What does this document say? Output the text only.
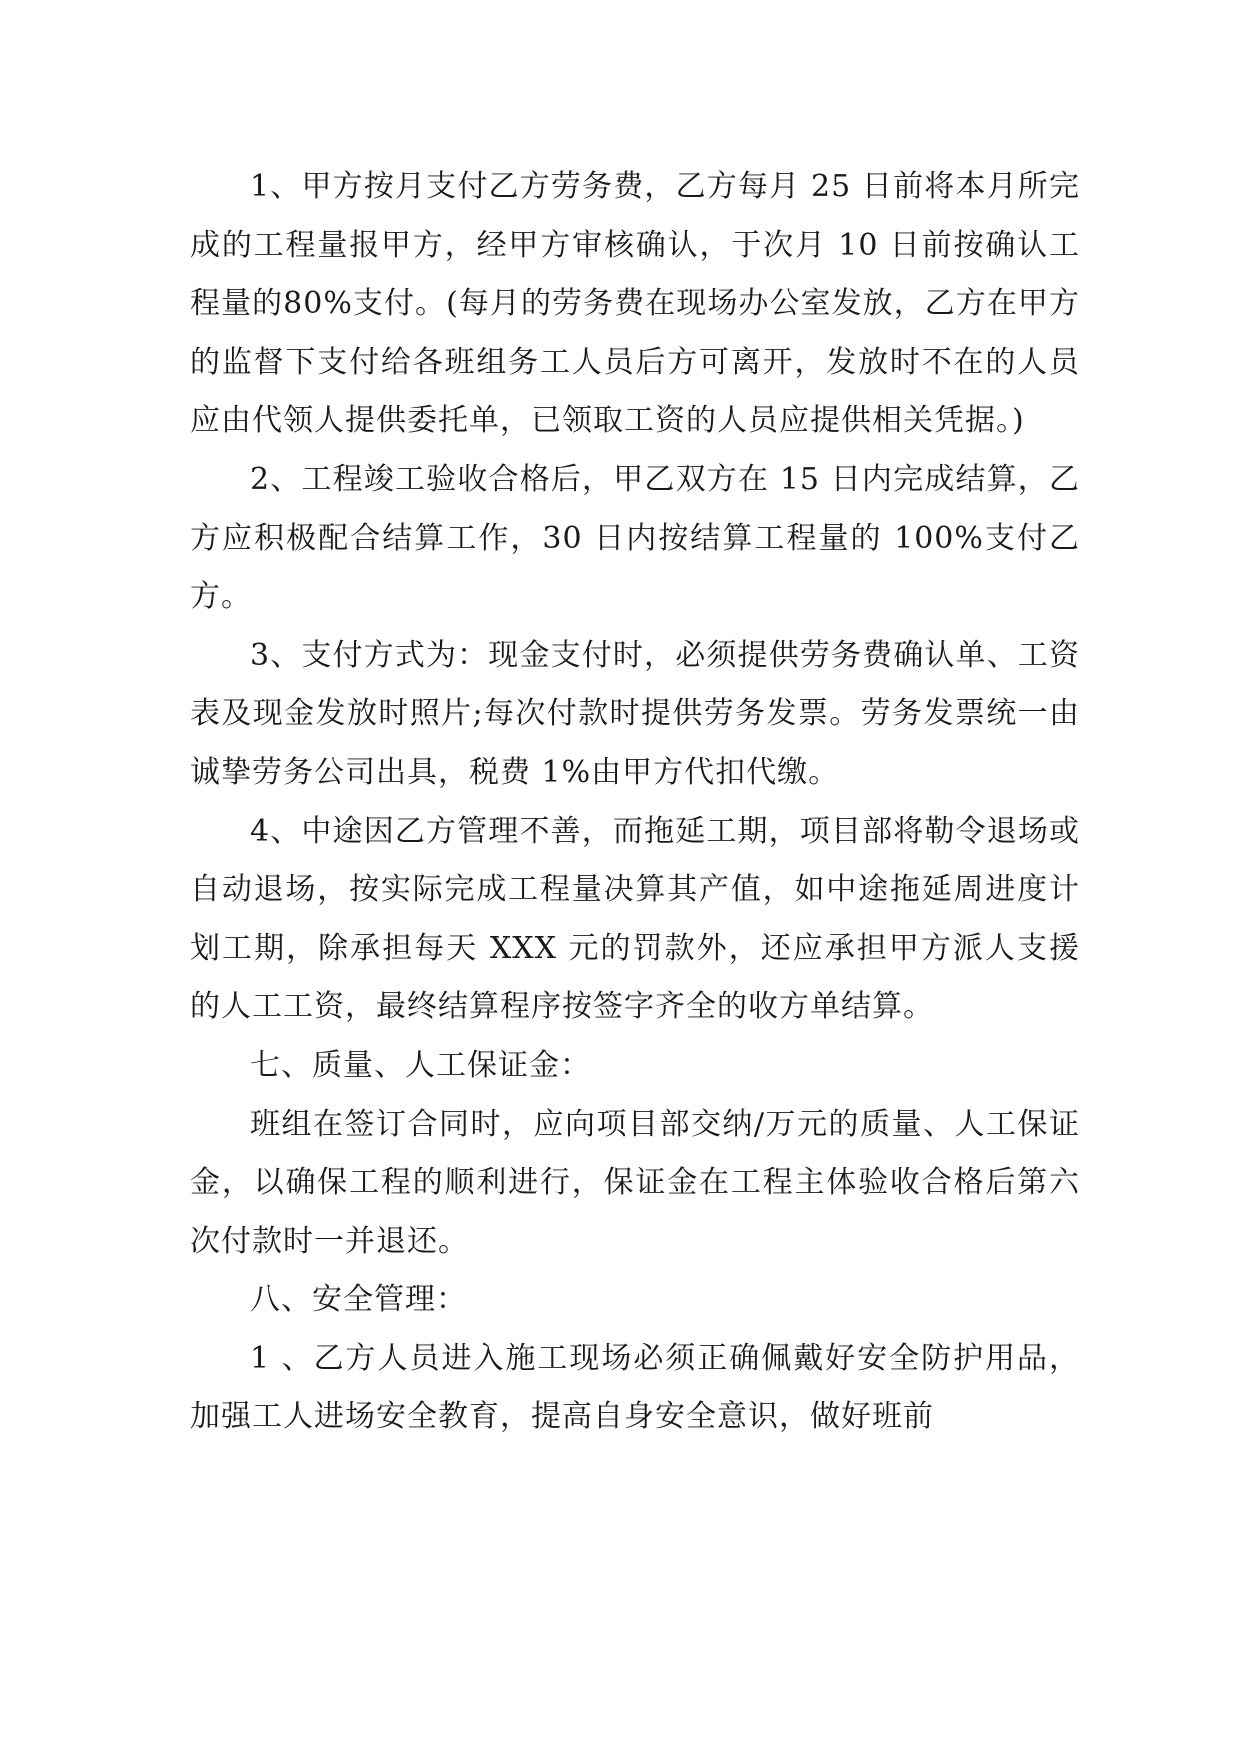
1、甲方按月支付乙方劳务费，乙方每月 25 日前将本月所完成的工程量报甲方，经甲方审核确认，于次月 10 日前按确认工程量的80%支付。(每月的劳务费在现场办公室发放，乙方在甲方的监督下支付给各班组务工人员后方可离开，发放时不在的人员应由代领人提供委托单，已领取工资的人员应提供相关凭据。)

2、工程竣工验收合格后，甲乙双方在 15 日内完成结算，乙方应积极配合结算工作，30 日内按结算工程量的 100%支付乙方。

3、支付方式为：现金支付时，必须提供劳务费确认单、工资表及现金发放时照片;每次付款时提供劳务发票。劳务发票统一由诚挚劳务公司出具，税费 1%由甲方代扣代缴。

4、中途因乙方管理不善，而拖延工期，项目部将勒令退场或自动退场，按实际完成工程量决算其产值，如中途拖延周进度计划工期，除承担每天 XXX 元的罚款外，还应承担甲方派人支援的人工工资，最终结算程序按签字齐全的收方单结算。

七、质量、人工保证金：

班组在签订合同时，应向项目部交纳/万元的质量、人工保证金，以确保工程的顺利进行，保证金在工程主体验收合格后第六次付款时一并退还。

八、安全管理：

1 、乙方人员进入施工现场必须正确佩戴好安全防护用品，加强工人进场安全教育，提高自身安全意识，做好班前
